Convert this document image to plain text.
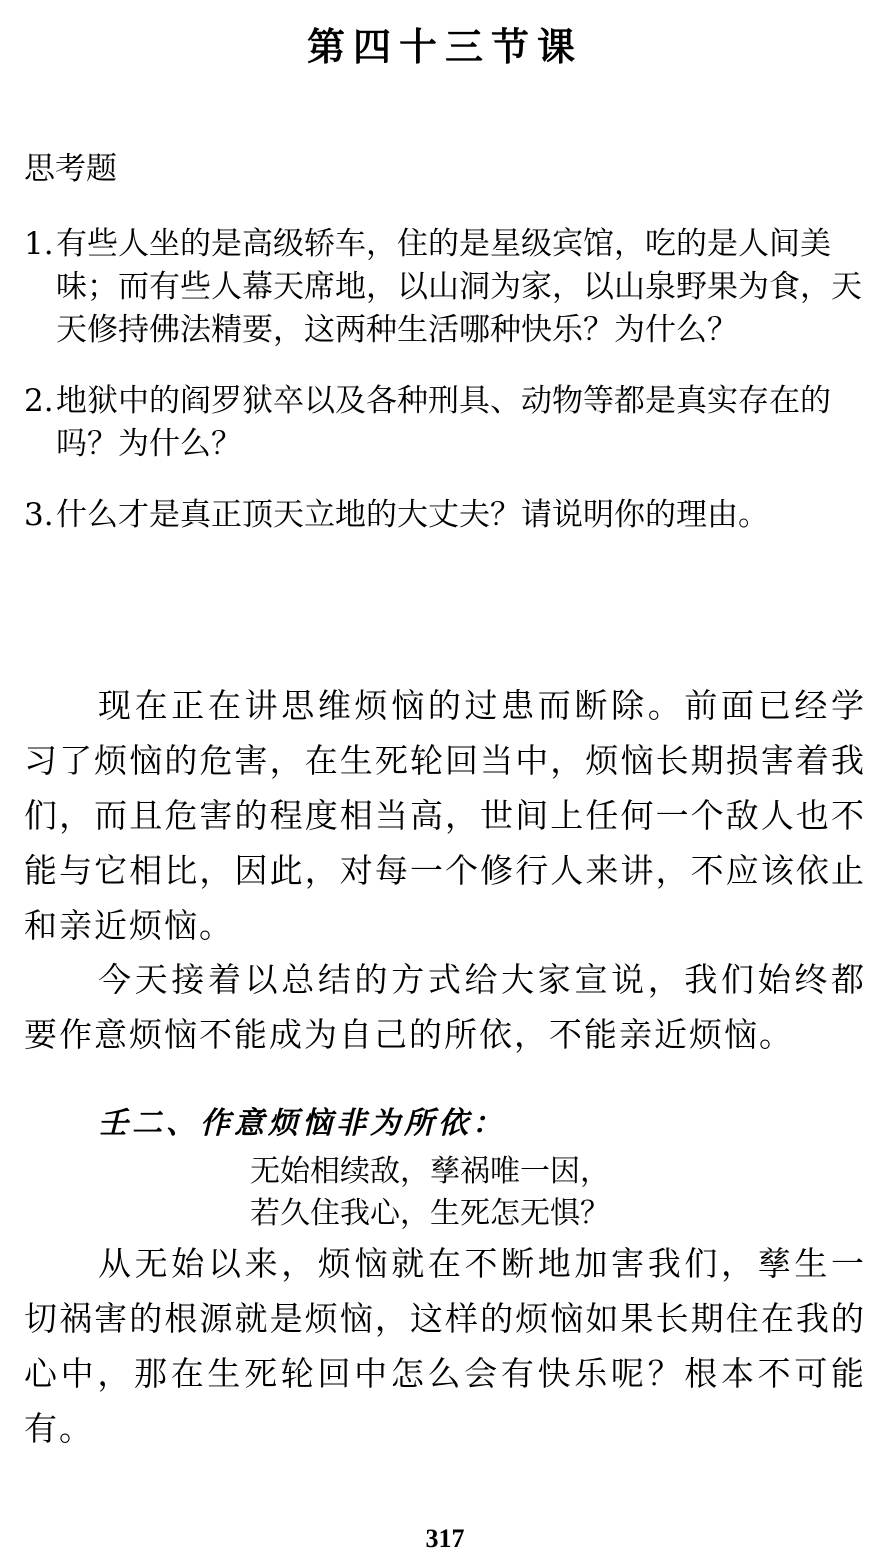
第四十三节课
思考题
1. 有些人坐的是高级轿车，住的是星级宾馆，吃的是人间美味；而有些人幕天席地，以山洞为家，以山泉野果为食，天天修持佛法精要，这两种生活哪种快乐？为什么？
2. 地狱中的阎罗狱卒以及各种刑具、动物等都是真实存在的吗？为什么？
3. 什么才是真正顶天立地的大丈夫？请说明你的理由。
现在正在讲思维烦恼的过患而断除。前面已经学习了烦恼的危害，在生死轮回当中，烦恼长期损害着我们，而且危害的程度相当高，世间上任何一个敌人也不能与它相比，因此，对每一个修行人来讲，不应该依止和亲近烦恼。
今天接着以总结的方式给大家宣说，我们始终都要作意烦恼不能成为自己的所依，不能亲近烦恼。
壬二、作意烦恼非为所依：
无始相续敌，孳祸唯一因，
若久住我心，生死怎无惧？
从无始以来，烦恼就在不断地加害我们，孳生一切祸害的根源就是烦恼，这样的烦恼如果长期住在我的心中，那在生死轮回中怎么会有快乐呢？根本不可能有。
317
